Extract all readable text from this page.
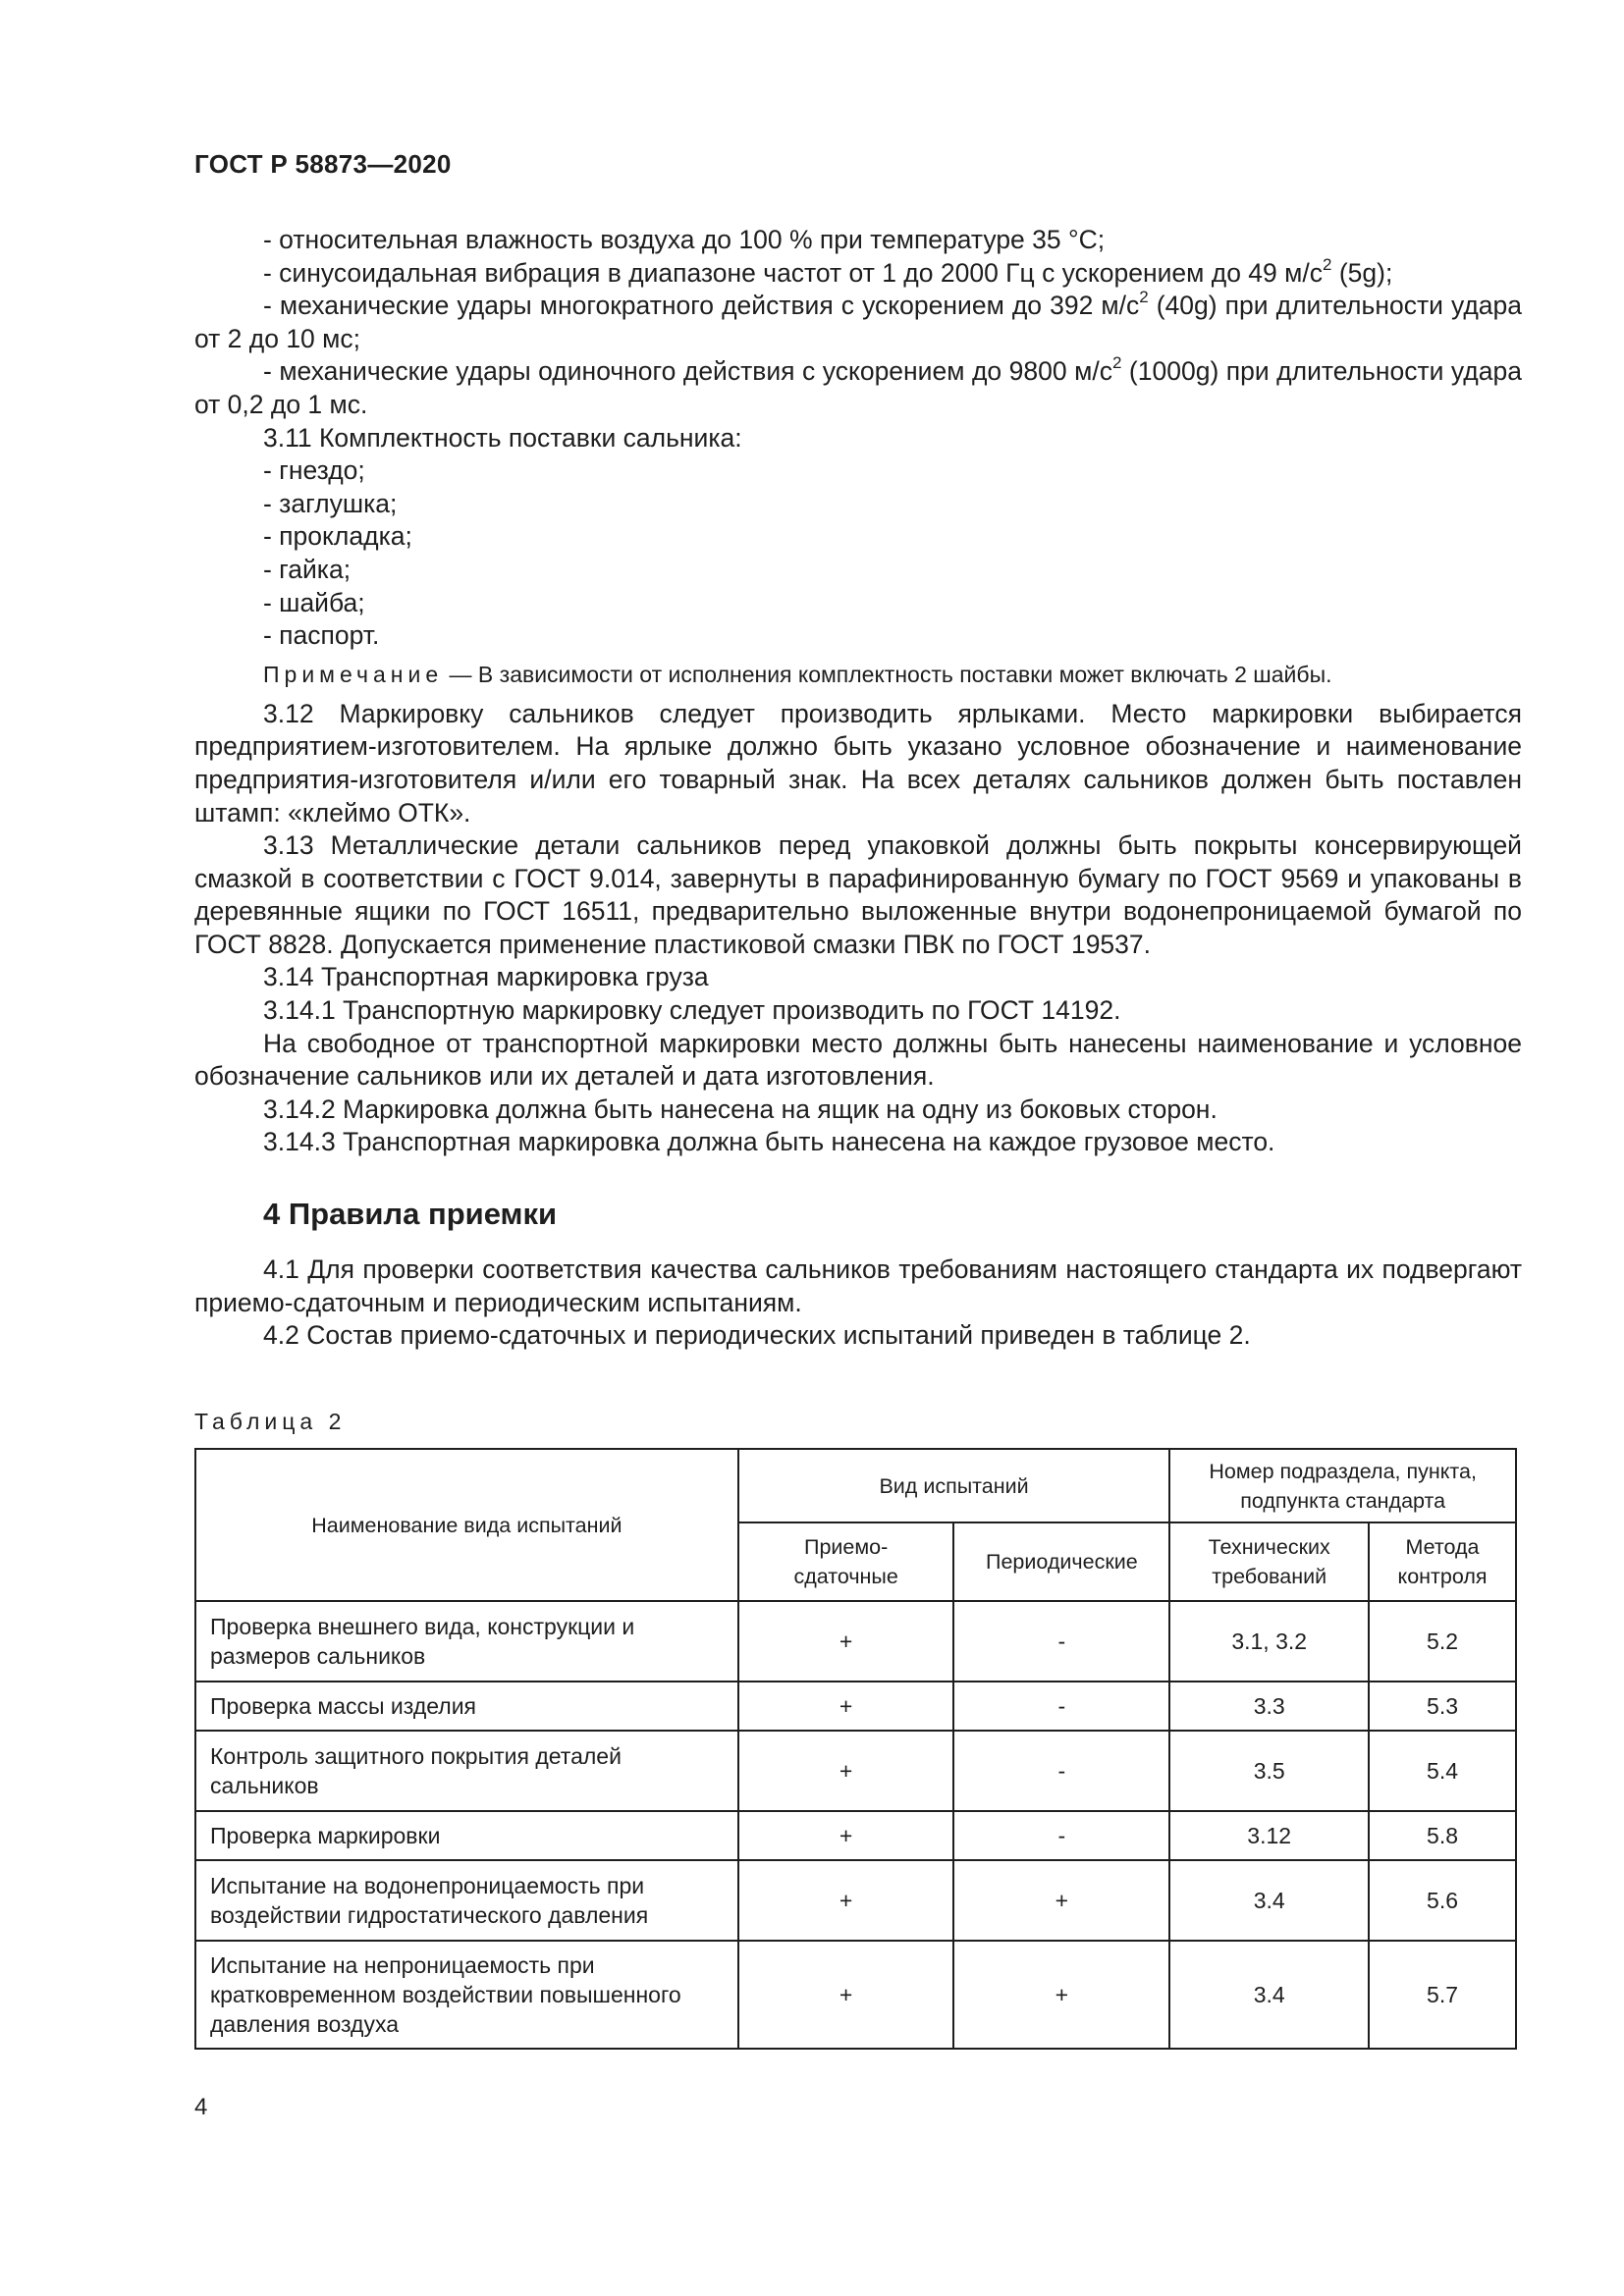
ГОСТ Р 58873—2020

- относительная влажность воздуха до 100 % при температуре 35 °С;

- синусоидальная вибрация в диапазоне частот от 1 до 2000 Гц с ускорением до 49 $м/с^2$ (5g);

- механические удары многократного действия с ускорением до 392 $м/с^2$ (40g) при длительности удара от 2 до 10 мс;

- механические удары одиночного действия с ускорением до 9800 $м/с^2$ (1000g) при длительности удара от 0,2 до 1 мс.

3.11 Комплектность поставки сальника:

- гнездо;

- заглушка;

- прокладка;

- гайка;

- шайба;

- паспорт.

Примечание — В зависимости от исполнения комплектность поставки может включать 2 шайбы.

3.12 Маркировку сальников следует производить ярлыками. Место маркировки выбирается предприятием-изготовителем. На ярлыке должно быть указано условное обозначение и наименование предприятия-изготовителя и/или его товарный знак. На всех деталях сальников должен быть поставлен штамп: «клеймо ОТК».

3.13 Металлические детали сальников перед упаковкой должны быть покрыты консервирующей смазкой в соответствии с ГОСТ 9.014, завернуты в парафинированную бумагу по ГОСТ 9569 и упакованы в деревянные ящики по ГОСТ 16511, предварительно выложенные внутри водонепроницаемой бумагой по ГОСТ 8828. Допускается применение пластиковой смазки ПВК по ГОСТ 19537.

3.14 Транспортная маркировка груза

3.14.1 Транспортную маркировку следует производить по ГОСТ 14192.

На свободное от транспортной маркировки место должны быть нанесены наименование и условное обозначение сальников или их деталей и дата изготовления.

3.14.2 Маркировка должна быть нанесена на ящик на одну из боковых сторон.

3.14.3 Транспортная маркировка должна быть нанесена на каждое грузовое место.

4 Правила приемки

4.1 Для проверки соответствия качества сальников требованиям настоящего стандарта их подвергают приемо-сдаточным и периодическим испытаниям.

4.2 Состав приемо-сдаточных и периодических испытаний приведен в таблице 2.

Таблица 2
Наименование вида испытаний	Вид испытаний		Номер подраздела, пункта, подпункта стандарта	
	Приемо-сдаточные	Периодические	Технических требований	Метода контроля
Проверка внешнего вида, конструкции и размеров сальников	+	-	3.1, 3.2	5.2
Проверка массы изделия	+	-	3.3	5.3
Контроль защитного покрытия деталей сальников	+	-	3.5	5.4
Проверка маркировки	+	-	3.12	5.8
Испытание на водонепроницаемость при воздействии гидростатического давления	+	+	3.4	5.6
Испытание на непроницаемость при кратковременном воздействии повышенного давления воздуха	+	+	3.4	5.7
4
